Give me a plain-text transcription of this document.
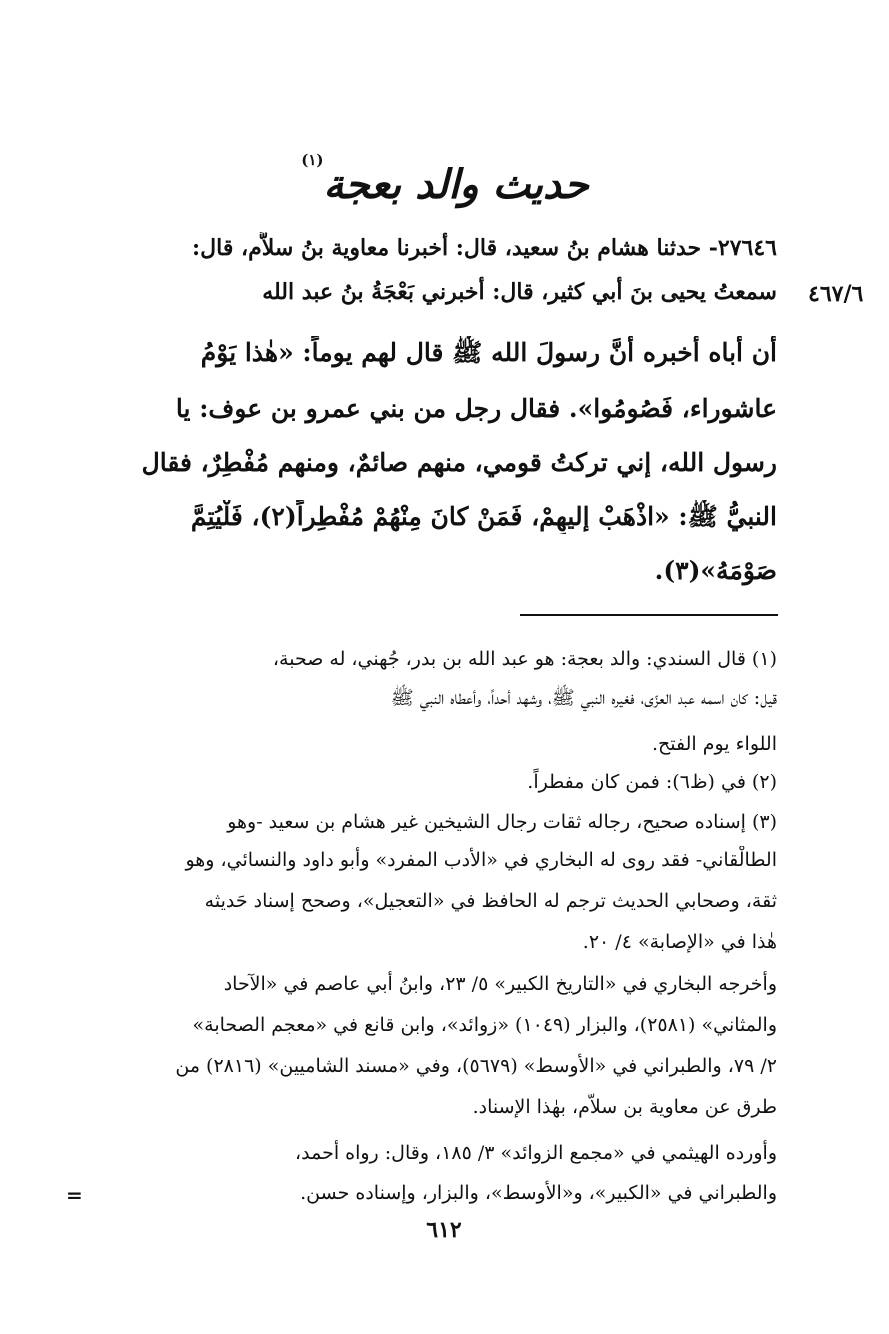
حديث والد بعجة$^{(١)}$
٢٧٦٤٦- حدثنا هشام بنُ سعيد، قال: أخبرنا معاوية بنُ سلاَّم، قال:
سمعتُ يحيى بنَ أبي كثير، قال: أخبرني بَعْجَةُ بنُ عبد الله ٤٦٧/٦
أن أباه أخبره أنَّ رسولَ الله ﷺ قال لهم يوماً: «هٰذا يَوْمُ
عاشوراء، فَصُومُوا». فقال رجل من بني عمرو بن عوف: يا
رسول الله، إني تركتُ قومي، منهم صائمٌ، ومنهم مُفْطِرٌ، فقال
النبيُّ ﷺ: «اذْهَبْ إليهِمْ، فَمَنْ كانَ مِنْهُمْ مُفْطِراً(٢)، فَلْيُتِمَّ
صَوْمَهُ»(٣).
(١) قال السندي: والد بعجة: هو عبد الله بن بدر، جُهني، له صحبة،
قيل: كان اسمه عبد العزّى، فغيره النبي ﷺ، وشهد أحداً، وأعطاه النبي ﷺ
اللواء يوم الفتح.
(٢) في (ظ٦): فمن كان مفطراً.
(٣) إسناده صحيح، رجاله ثقات رجال الشيخين غير هشام بن سعيد -وهو
الطالْقاني- فقد روى له البخاري في «الأدب المفرد» وأبو داود والنسائي، وهو
ثقة، وصحابي الحديث ترجم له الحافظ في «التعجيل»، وصحح إسناد حَديثه
هٰذا في «الإصابة» ٤/ ٢٠.
وأخرجه البخاري في «التاريخ الكبير» ٥/ ٢٣، وابنُ أبي عاصم في «الآحاد
والمثاني» (٢٥٨١)، والبزار (١٠٤٩) «زوائد»، وابن قانع في «معجم الصحابة»
٢/ ٧٩، والطبراني في «الأوسط» (٥٦٧٩)، وفي «مسند الشاميين» (٢٨١٦) من
طرق عن معاوية بن سلاَّم، بهٰذا الإسناد.
وأورده الهيثمي في «مجمع الزوائد» ٣/ ١٨٥، وقال: رواه أحمد،
والطبراني في «الكبير»، و«الأوسط»، والبزار، وإسناده حسن.
=
٦١٢
